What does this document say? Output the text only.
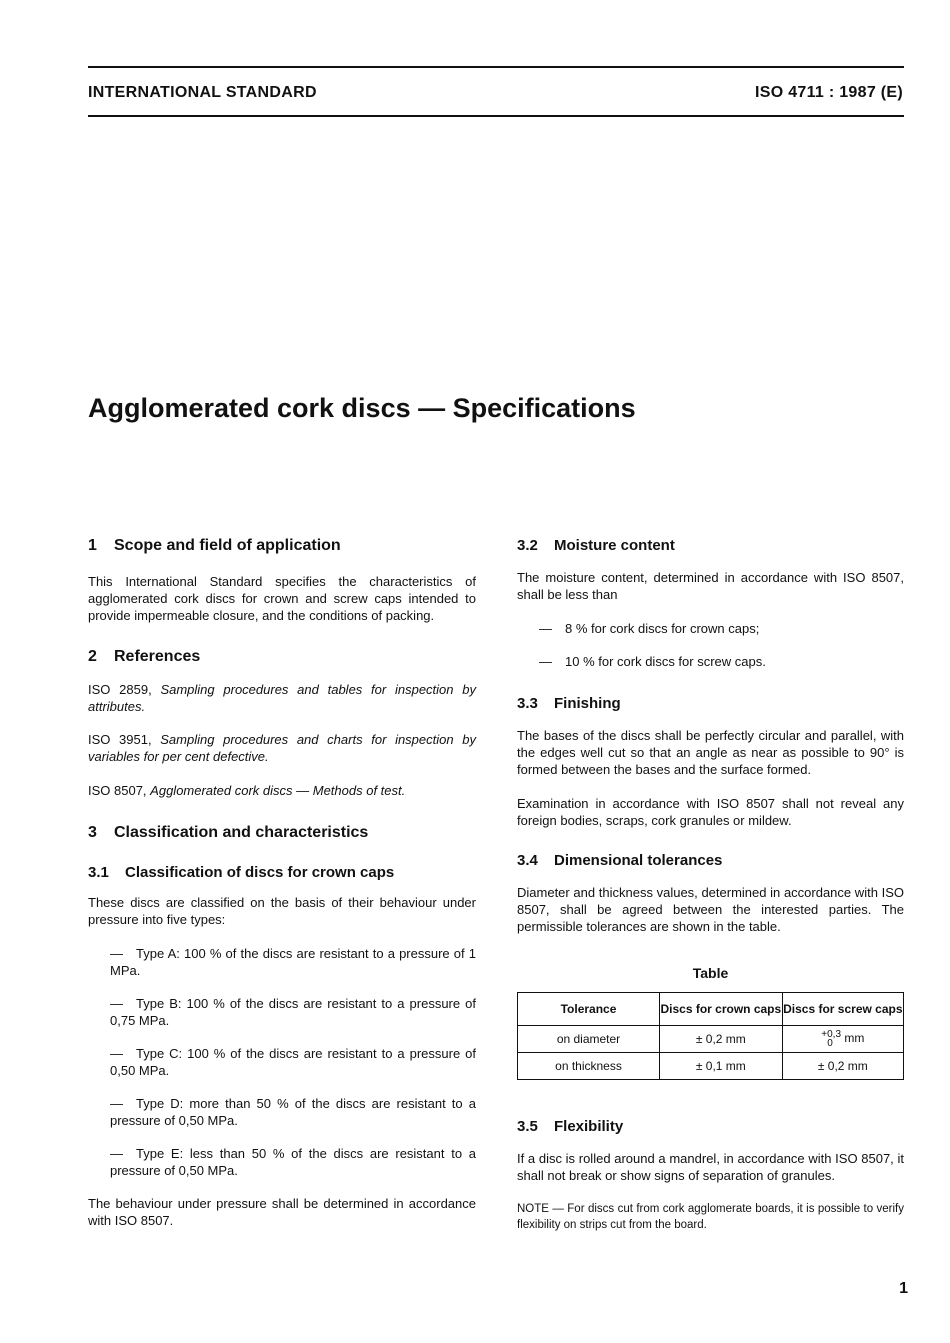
INTERNATIONAL STANDARD	ISO 4711 : 1987 (E)
Agglomerated cork discs — Specifications
1 Scope and field of application

This International Standard specifies the characteristics of agglomerated cork discs for crown and screw caps intended to provide impermeable closure, and the conditions of packing.

2 References

ISO 2859, Sampling procedures and tables for inspection by attributes.

ISO 3951, Sampling procedures and charts for inspection by variables for per cent defective.

ISO 8507, Agglomerated cork discs — Methods of test.

3 Classification and characteristics
3.1 Classification of discs for crown caps

These discs are classified on the basis of their behaviour under pressure into five types:

— Type A: 100 % of the discs are resistant to a pressure of 1 MPa.

— Type B: 100 % of the discs are resistant to a pressure of 0,75 MPa.

— Type C: 100 % of the discs are resistant to a pressure of 0,50 MPa.

— Type D: more than 50 % of the discs are resistant to a pressure of 0,50 MPa.

— Type E: less than 50 % of the discs are resistant to a pressure of 0,50 MPa.

The behaviour under pressure shall be determined in accordance with ISO 8507.

3.2 Moisture content

The moisture content, determined in accordance with ISO 8507, shall be less than

— 8 % for cork discs for crown caps;

— 10 % for cork discs for screw caps.

3.3 Finishing

The bases of the discs shall be perfectly circular and parallel, with the edges well cut so that an angle as near as possible to 90° is formed between the bases and the surface formed.

Examination in accordance with ISO 8507 shall not reveal any foreign bodies, scraps, cork granules or mildew.

3.4 Dimensional tolerances

Diameter and thickness values, determined in accordance with ISO 8507, shall be agreed between the interested parties. The permissible tolerances are shown in the table.

Table
Tolerance	Discs for crown caps	Discs for screw caps
on diameter	± 0,2 mm	+0,3
0 mm
on thickness	± 0,1 mm	± 0,2 mm
3.5 Flexibility

If a disc is rolled around a mandrel, in accordance with ISO 8507, it shall not break or show signs of separation of granules.

NOTE — For discs cut from cork agglomerate boards, it is possible to verify flexibility on strips cut from the board.

1
